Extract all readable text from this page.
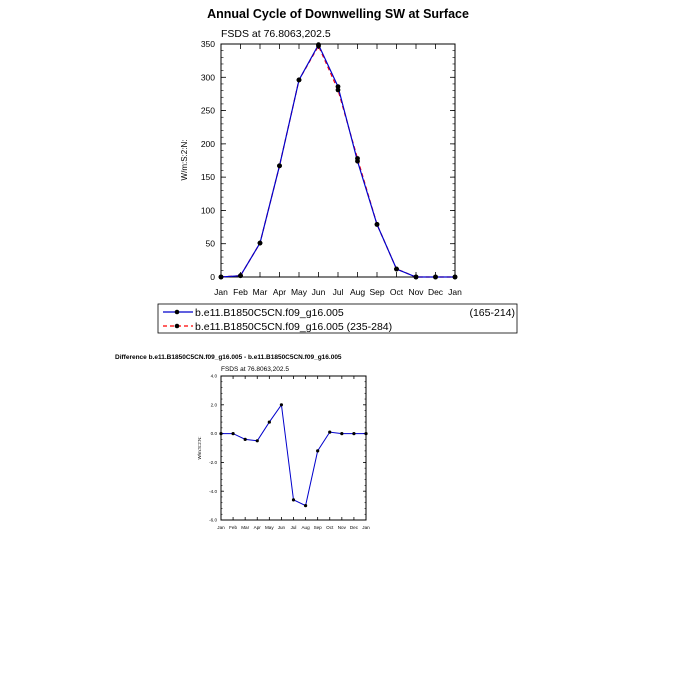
Annual Cycle of Downwelling SW at Surface
FSDS at 76.8063,202.5
W/m:S:2:N:
Jan Feb Mar Apr May Jun Jul Aug Sep Oct Nov Dec Jan
0
50
100
150
200
250
300
350
b.e11.B1850C5CN.f09_g16.005	(165-214)
b.e11.B1850C5CN.f09_g16.005 (235-284)
Difference b.e11.B1850C5CN.f09_g16.005 - b.e11.B1850C5CN.f09_g16.005
FSDS at 76.8063,202.5
W/m:S:2:N:
Jan Feb Mar Apr May Jun Jul Aug Sep Oct Nov Dec Jan
-6.0
-4.0
-2.0
0.0
2.0
4.0
